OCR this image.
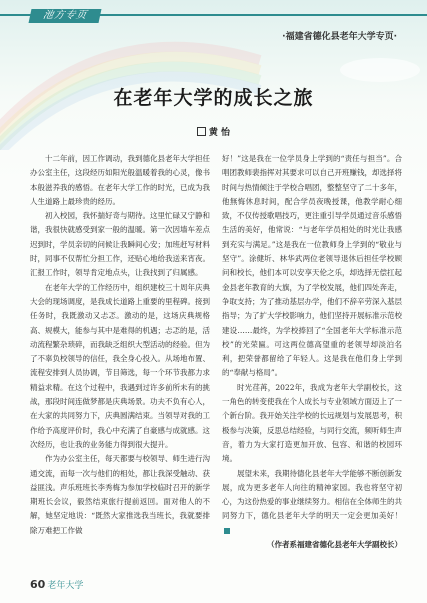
池方专页
·福建省德化县老年大学专页·
在老年大学的成长之旅
黄 怡

十二年前，因工作调动，我到德化县老年大学担任办公室主任，这段经历如阳光般温暖着我的心灵，像书本般滋养我的感悟。在老年大学工作的时光，已成为我人生道路上最珍贵的经历。

初入校园，我怀揣好奇与期待。这里忙碌又宁静和谐，我很快就感受到家一般的温暖。第一次因墙车差点迟到时，学员亲切的问候让我瞬间心安；加班赶写材料时，同事不仅帮忙分担工作，还贴心地给我送来宵夜。汇报工作时，领导肯定地点头，让我找到了归属感。

在老年大学的工作经历中，组织建校三十周年庆典大会的现场调度，是我成长道路上重要的里程碑。接到任务时，我既激动又忐忑。激动的是，这场庆典规格高、规模大，能参与其中是难得的机遇；忐忑的是，活动流程繁杂琐碎，而我缺乏组织大型活动的经验。但为了不辜负校领导的信任，我全身心投入。从场地布置、流程安排到人员协调，节目筛选，每一个环节我都力求精益求精。在这个过程中，我遇到过许多前所未有的挑战，那段时间连做梦都是庆典场景。功夫不负有心人，在大家的共同努力下，庆典圆满结束。当领导对我的工作给予高度评价时，我心中充满了自豪感与成就感。这次经历，也让我的业务能力得到很大提升。

作为办公室主任，每天都要与校领导、师生进行沟通交流，而每一次与他们的相处，都让我深受触动、获益匪浅。声乐班班长李秀梅为参加学校临时召开的新学期班长会议，毅然结束旅行提前返回。面对他人的不解，她坚定地说：“既然大家推选我当班长，我就要排除万难把工作做

好！”这是我在一位学员身上学到的“责任与担当”。合唱团教师裴指挥对其要求可以自己开班赚钱，却选择将时间与热情倾注于学校合唱团，整整坚守了二十多年，他無悔休息时间，配合学员夜晚授课，他教学耐心细致，不仅传授歌唱技巧，更注重引导学员通过音乐感悟生活的美好，他常说：“与老年学员相处的时光让我感到充实与满足。”这是我在一位教师身上学到的“敬业与坚守”。涂健圻、林华武两位老领导退休后担任学校顾问和校长，他们本可以安享天伦之乐，却选择无偿扛起金县老年教育的大旗，为了学校发展，他们四处奔走，争取支持；为了推动基层办学，他们不辞辛劳深入基层指导；为了扩大学校影响力，他们坚持开展标准示范校建设……最终，为学校捧回了“全国老年大学标准示范校”的光荣匾。可这两位德高望重的老领导却淡泊名利，把荣誉都留给了年轻人。这是我在他们身上学到的“奉献与格局”。

时光荏苒，2022年，我成为老年大学副校长，这一角色的转变使我在个人成长与专业领域方面迈上了一个新台阶。我开始关注学校的长远规划与发展思考，积极参与决策，反思总结经验，与同行交流，频听师生声音，着力为大家打造更加开放、包容、和谐的校园环境。

展望未来，我期待德化县老年大学能够不断创新发展，成为更多老年人向往的精神家园。我也将坚守初心，为这份热爱的事业继续努力。相信在全体师生的共同努力下，德化县老年大学的明天一定会更加美好！

（作者系福建省德化县老年大学副校长）

60 老年大学
